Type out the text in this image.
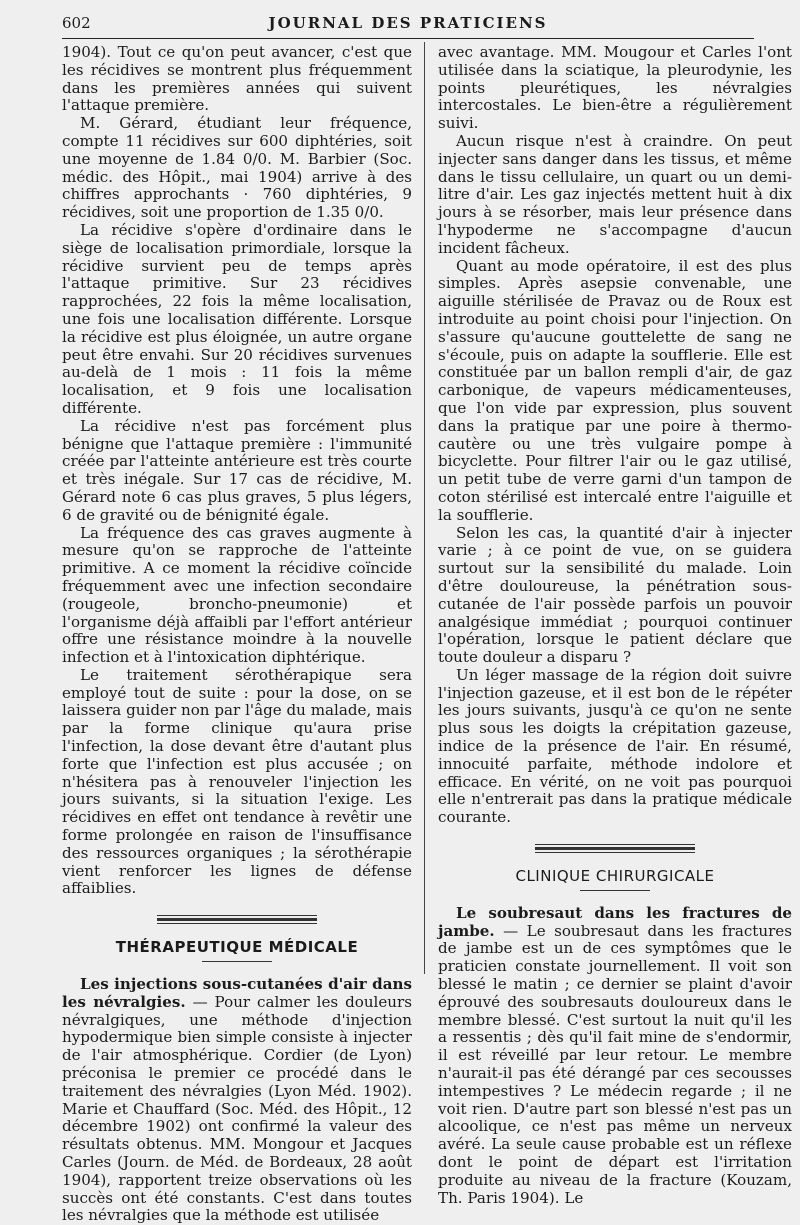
602	JOURNAL DES PRATICIENS

1904). Tout ce qu'on peut avancer, c'est que les récidives se montrent plus fréquemment dans les premières années qui suivent l'attaque première.

M. Gérard, étudiant leur fréquence, compte 11 récidives sur 600 diphtéries, soit une moyenne de 1.84 0/0. M. Barbier (Soc. médic. des Hôpit., mai 1904) arrive à des chiffres approchants · 760 diphtéries, 9 récidives, soit une proportion de 1.35 0/0.

La récidive s'opère d'ordinaire dans le siège de localisation primordiale, lorsque la récidive survient peu de temps après l'attaque primitive. Sur 23 récidives rapprochées, 22 fois la même localisation, une fois une localisation différente. Lorsque la récidive est plus éloignée, un autre organe peut être envahi. Sur 20 récidives survenues au-delà de 1 mois : 11 fois la même localisation, et 9 fois une localisation différente.

La récidive n'est pas forcément plus bénigne que l'attaque première : l'immunité créée par l'atteinte antérieure est très courte et très inégale. Sur 17 cas de récidive, M. Gérard note 6 cas plus graves, 5 plus légers, 6 de gravité ou de bénignité égale.

La fréquence des cas graves augmente à mesure qu'on se rapproche de l'atteinte primitive. A ce moment la récidive coïncide fréquemment avec une infection secondaire (rougeole, broncho-pneumonie) et l'organisme déjà affaibli par l'effort antérieur offre une résistance moindre à la nouvelle infection et à l'intoxication diphtérique.

Le traitement sérothérapique sera employé tout de suite : pour la dose, on se laissera guider non par l'âge du malade, mais par la forme clinique qu'aura prise l'infection, la dose devant être d'autant plus forte que l'infection est plus accusée ; on n'hésitera pas à renouveler l'injection les jours suivants, si la situation l'exige. Les récidives en effet ont tendance à revêtir une forme prolongée en raison de l'insuffisance des ressources organiques ; la sérothérapie vient renforcer les lignes de défense affaiblies.

THÉRAPEUTIQUE MÉDICALE

Les injections sous-cutanées d'air dans les névralgies. — Pour calmer les douleurs névralgiques, une méthode d'injection hypodermique bien simple consiste à injecter de l'air atmosphérique. Cordier (de Lyon) préconisa le premier ce procédé dans le traitement des névralgies (Lyon Méd. 1902). Marie et Chauffard (Soc. Méd. des Hôpit., 12 décembre 1902) ont confirmé la valeur des résultats obtenus. MM. Mongour et Jacques Carles (Journ. de Méd. de Bordeaux, 28 août 1904), rapportent treize observations où les succès ont été constants. C'est dans toutes les névralgies que la méthode est utilisée

avec avantage. MM. Mougour et Carles l'ont utilisée dans la sciatique, la pleurodynie, les points pleurétiques, les névralgies intercostales. Le bien-être a régulièrement suivi.

Aucun risque n'est à craindre. On peut injecter sans danger dans les tissus, et même dans le tissu cellulaire, un quart ou un demi-litre d'air. Les gaz injectés mettent huit à dix jours à se résorber, mais leur présence dans l'hypoderme ne s'accompagne d'aucun incident fâcheux.

Quant au mode opératoire, il est des plus simples. Après asepsie convenable, une aiguille stérilisée de Pravaz ou de Roux est introduite au point choisi pour l'injection. On s'assure qu'aucune gouttelette de sang ne s'écoule, puis on adapte la soufflerie. Elle est constituée par un ballon rempli d'air, de gaz carbonique, de vapeurs médicamenteuses, que l'on vide par expression, plus souvent dans la pratique par une poire à thermo-cautère ou une très vulgaire pompe à bicyclette. Pour filtrer l'air ou le gaz utilisé, un petit tube de verre garni d'un tampon de coton stérilisé est intercalé entre l'aiguille et la soufflerie.

Selon les cas, la quantité d'air à injecter varie ; à ce point de vue, on se guidera surtout sur la sensibilité du malade. Loin d'être douloureuse, la pénétration sous-cutanée de l'air possède parfois un pouvoir analgésique immédiat ; pourquoi continuer l'opération, lorsque le patient déclare que toute douleur a disparu ?

Un léger massage de la région doit suivre l'injection gazeuse, et il est bon de le répéter les jours suivants, jusqu'à ce qu'on ne sente plus sous les doigts la crépitation gazeuse, indice de la présence de l'air. En résumé, innocuité parfaite, méthode indolore et efficace. En vérité, on ne voit pas pourquoi elle n'entrerait pas dans la pratique médicale courante.

CLINIQUE CHIRURGICALE

Le soubresaut dans les fractures de jambe. — Le soubresaut dans les fractures de jambe est un de ces symptômes que le praticien constate journellement. Il voit son blessé le matin ; ce dernier se plaint d'avoir éprouvé des soubresauts douloureux dans le membre blessé. C'est surtout la nuit qu'il les a ressentis ; dès qu'il fait mine de s'endormir, il est réveillé par leur retour. Le membre n'aurait-il pas été dérangé par ces secousses intempestives ? Le médecin regarde ; il ne voit rien. D'autre part son blessé n'est pas un alcoolique, ce n'est pas même un nerveux avéré. La seule cause probable est un réflexe dont le point de départ est l'irritation produite au niveau de la fracture (Kouzam, Th. Paris 1904). Le
